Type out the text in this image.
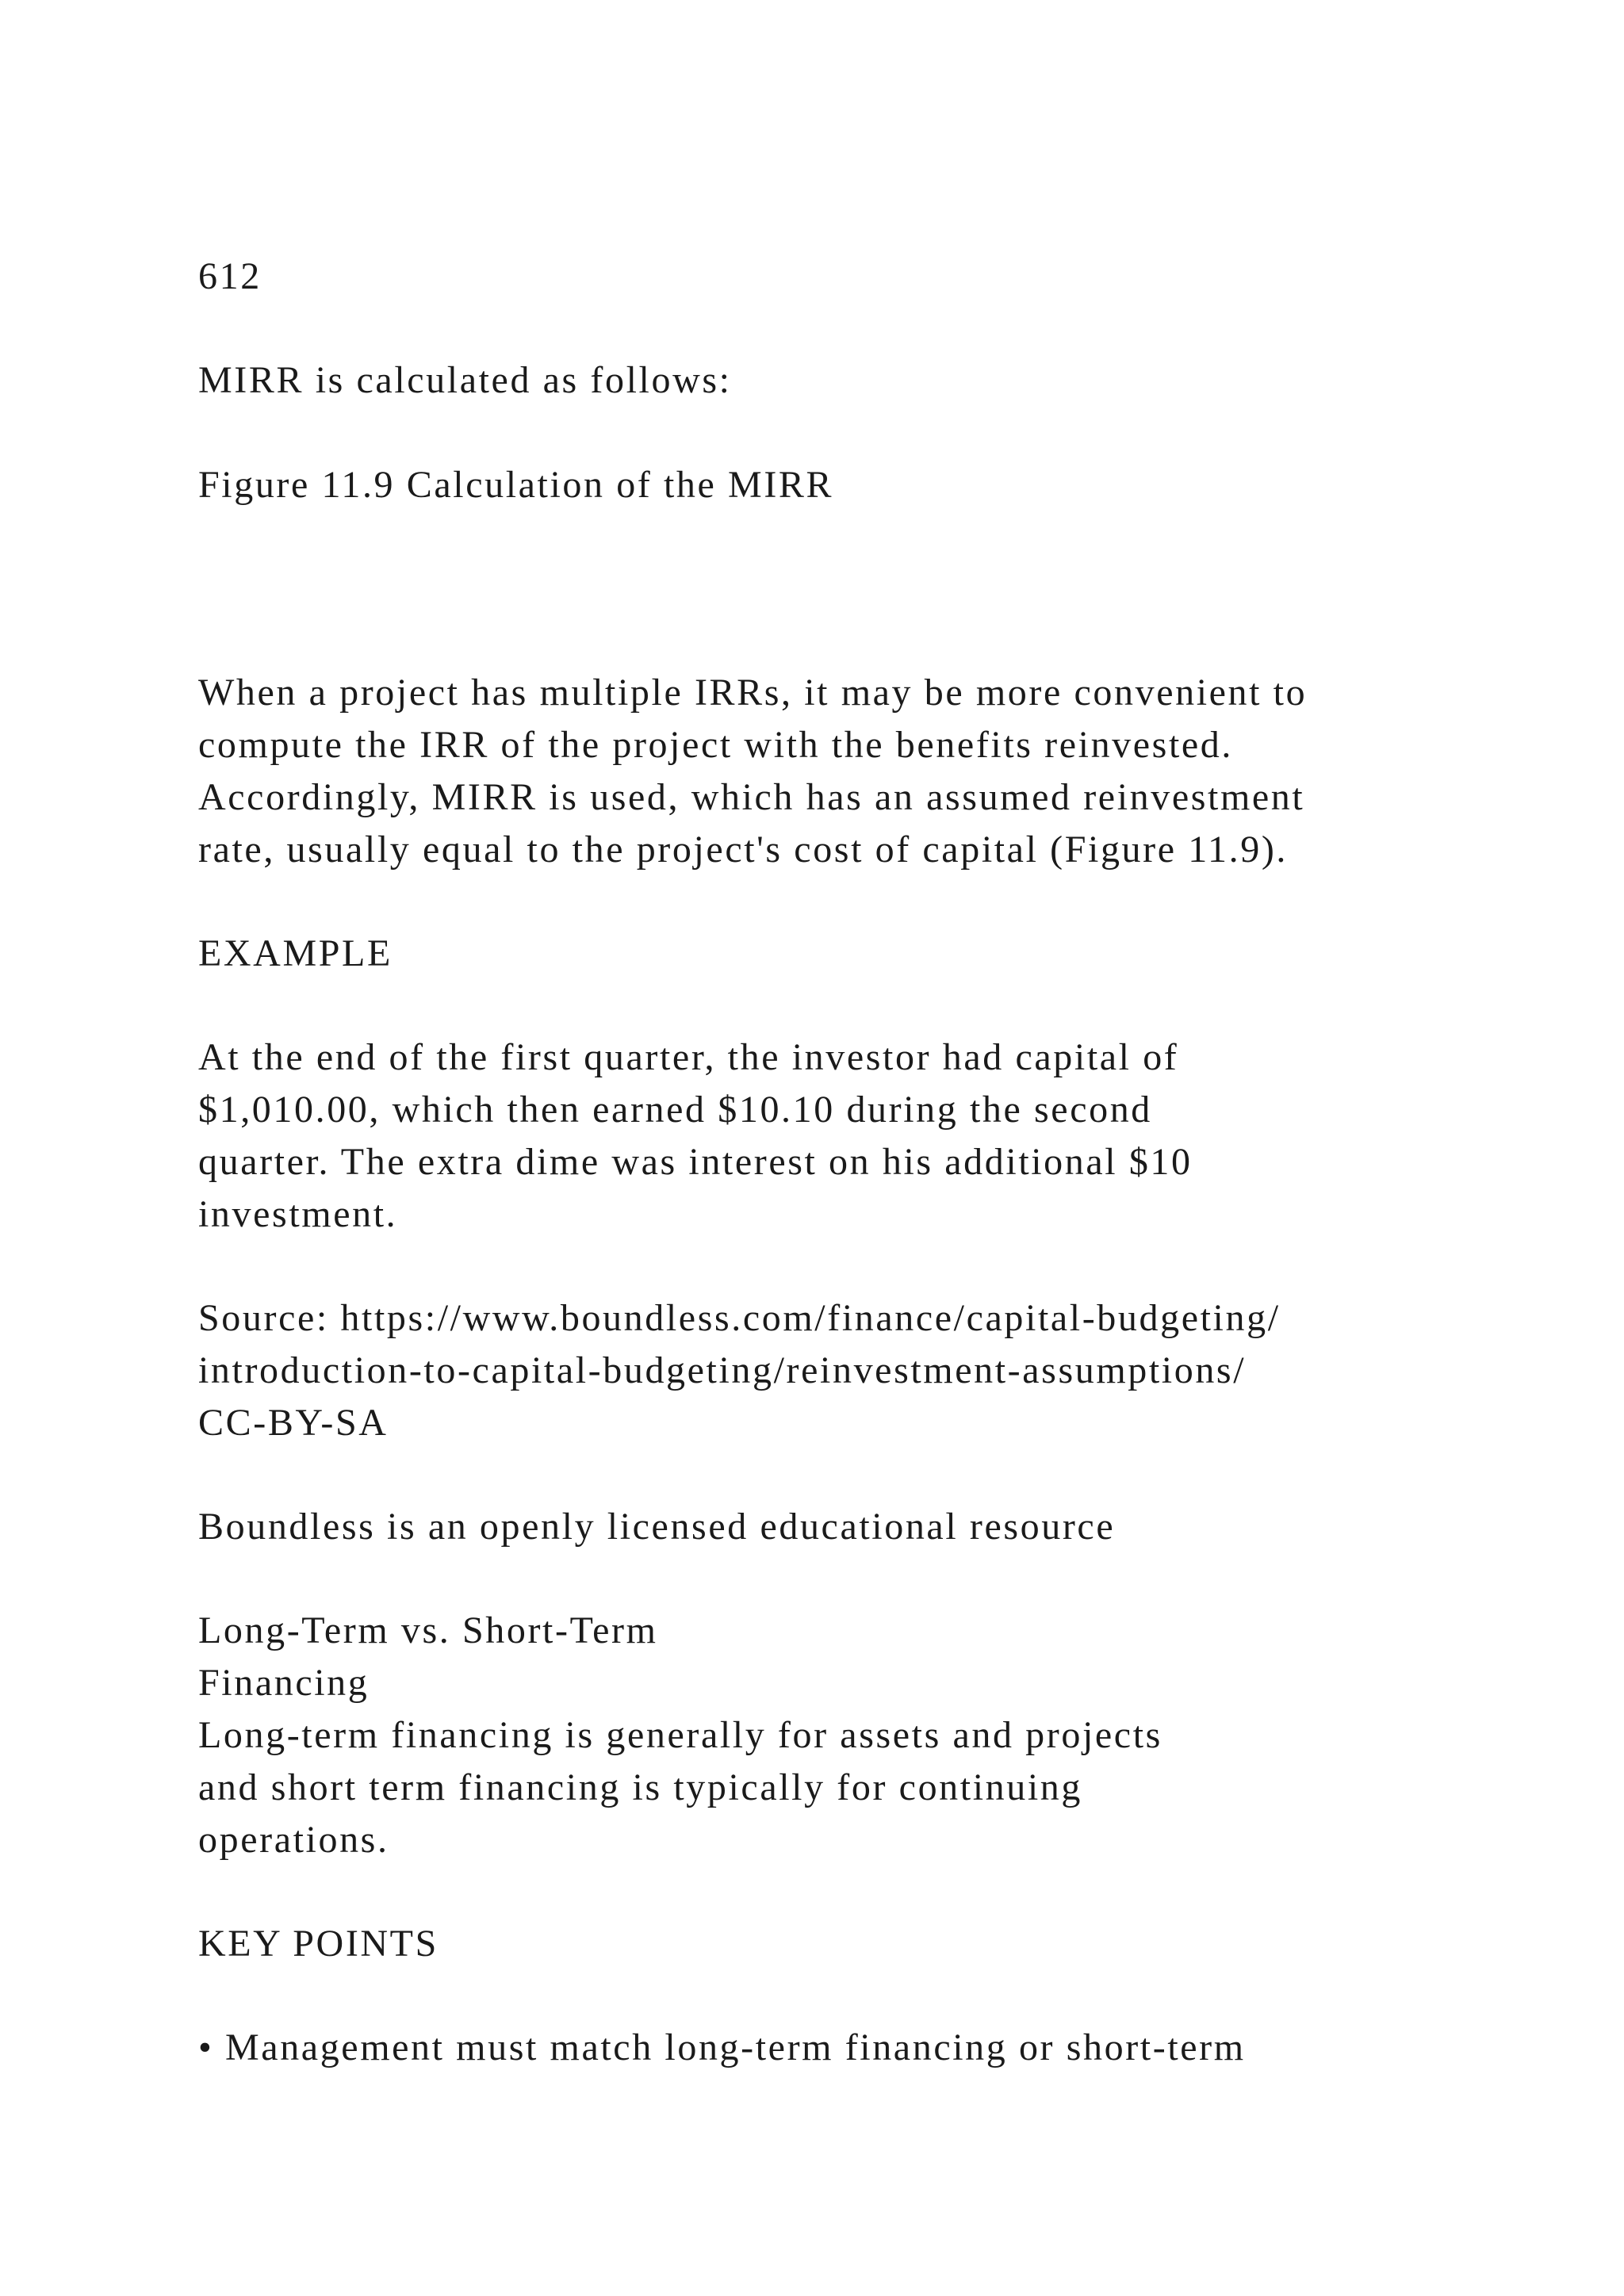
612

MIRR is calculated as follows:

Figure 11.9 Calculation of the MIRR

When a project has multiple IRRs, it may be more convenient to

compute the IRR of the project with the benefits reinvested.

Accordingly, MIRR is used, which has an assumed reinvestment

rate, usually equal to the project's cost of capital (Figure 11.9).

EXAMPLE

At the end of the first quarter, the investor had capital of

$1,010.00, which then earned $10.10 during the second

quarter. The extra dime was interest on his additional $10

investment.

Source: https://www.boundless.com/finance/capital-budgeting/

introduction-to-capital-budgeting/reinvestment-assumptions/

CC-BY-SA

Boundless is an openly licensed educational resource

Long-Term vs. Short-Term

Financing

Long-term financing is generally for assets and projects

and short term financing is typically for continuing

operations.

KEY POINTS

• Management must match long-term financing or short-term
